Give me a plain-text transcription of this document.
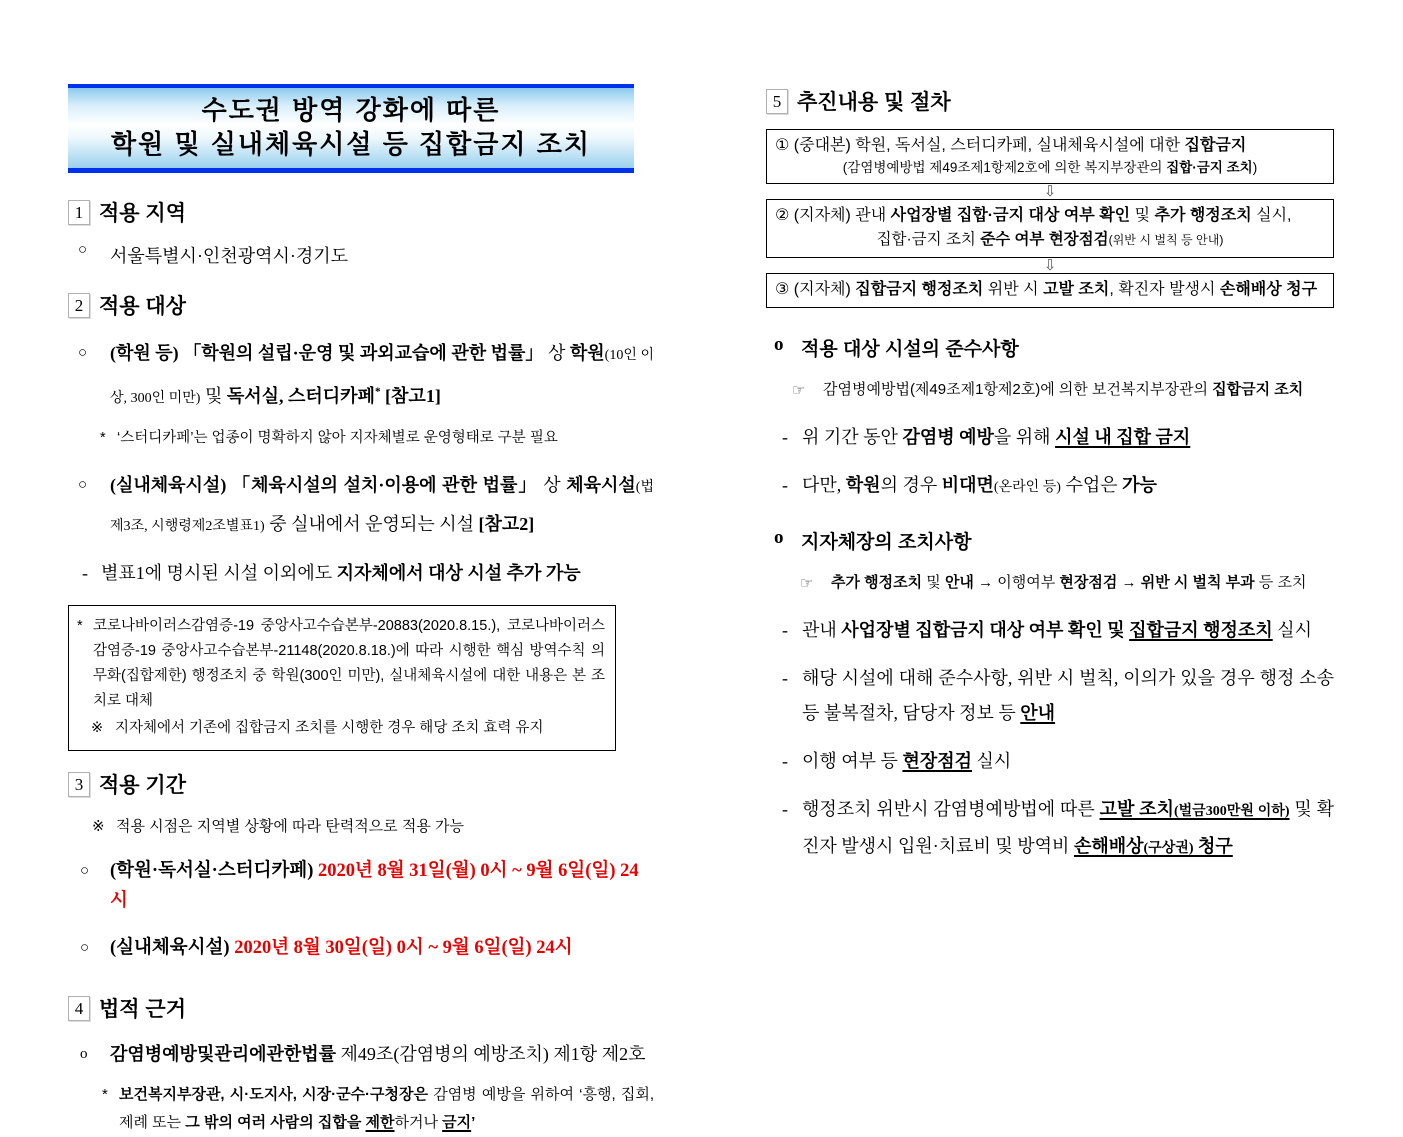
수도권 방역 강화에 따른
학원 및 실내체육시설 등 집합금지 조치
1 적용 지역
○	서울특별시·인천광역시·경기도
2 적용 대상
○	(학원 등) 「학원의 설립·운영 및 과외교습에 관한 법률」 상 학원(10인 이상, 300인 미만) 및 독서실, 스터디카페* [참고1]
* ‘스터디카페’는 업종이 명확하지 않아 지자체별로 운영형태로 구분 필요
○	(실내체육시설) 「체육시설의 설치·이용에 관한 법률」 상 체육시설(법제3조, 시행령제2조별표1) 중 실내에서 운영되는 시설 [참고2]
- 별표1에 명시된 시설 이외에도 지자체에서 대상 시설 추가 가능
* 코로나바이러스감염증-19 중앙사고수습본부-20883(2020.8.15.), 코로나바이러스감염증-19 중앙사고수습본부-21148(2020.8.18.)에 따라 시행한 핵심 방역수칙 의무화(집합제한) 행정조치 중 학원(300인 미만), 실내체육시설에 대한 내용은 본 조치로 대체
※ 지자체에서 기존에 집합금지 조치를 시행한 경우 해당 조치 효력 유지
3 적용 기간
※ 적용 시점은 지역별 상황에 따라 탄력적으로 적용 가능
○	(학원·독서실·스터디카페) 2020년 8월 31일(월) 0시 ~ 9월 6일(일) 24시
○	(실내체육시설) 2020년 8월 30일(일) 0시 ~ 9월 6일(일) 24시
4 법적 근거
o	감염병예방및관리에관한법률 제49조(감염병의 예방조치) 제1항 제2호
* 보건복지부장관, 시·도지사, 시장·군수·구청장은 감염병 예방을 위하여 ‘흥행, 집회, 제례 또는 그 밖의 여러 사람의 집합을 제한하거나 금지’
5 추진내용 및 절차
① (중대본) 학원, 독서실, 스터디카페, 실내체육시설에 대한 집합금지
(감염병예방법 제49조제1항제2호에 의한 복지부장관의 집합·금지 조치)
⇩
② (지자체) 관내 사업장별 집합·금지 대상 여부 확인 및 추가 행정조치 실시,
집합·금지 조치 준수 여부 현장점검(위반 시 벌칙 등 안내)
⇩
③ (지자체) 집합금지 행정조치 위반 시 고발 조치, 확진자 발생시 손해배상 청구
o 적용 대상 시설의 준수사항
☞	감염병예방법(제49조제1항제2호)에 의한 보건복지부장관의 집합금지 조치
- 위 기간 동안 감염병 예방을 위해 시설 내 집합 금지
- 다만, 학원의 경우 비대면(온라인 등) 수업은 가능
o 지자체장의 조치사항
☞	추가 행정조치 및 안내 → 이행여부 현장점검 → 위반 시 벌칙 부과 등 조치
- 관내 사업장별 집합금지 대상 여부 확인 및 집합금지 행정조치 실시
- 해당 시설에 대해 준수사항, 위반 시 벌칙, 이의가 있을 경우 행정 소송 등 불복절차, 담당자 정보 등 안내
- 이행 여부 등 현장점검 실시
- 행정조치 위반시 감염병예방법에 따른 고발 조치(벌금300만원 이하) 및 확진자 발생시 입원·치료비 및 방역비 손해배상(구상권) 청구
